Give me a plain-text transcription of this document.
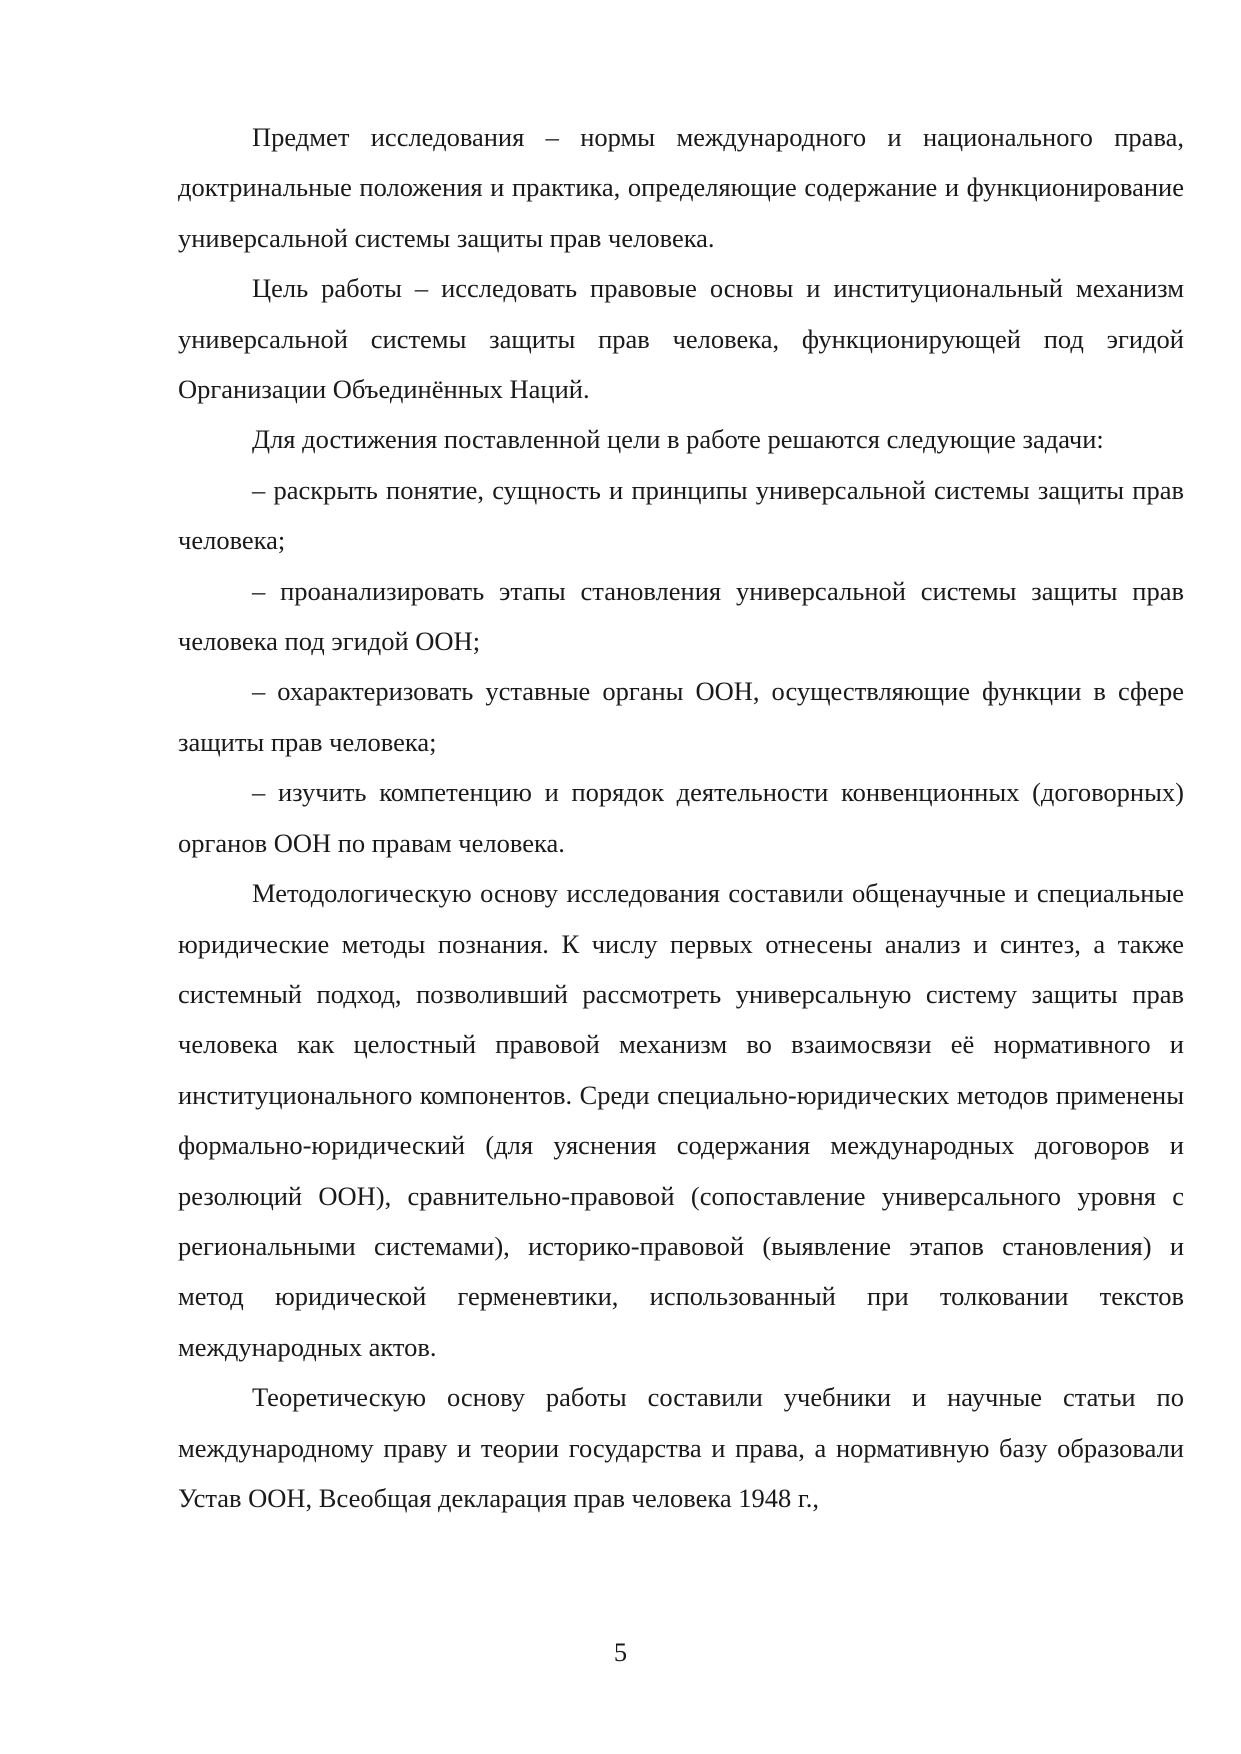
Предмет исследования – нормы международного и национального права, доктринальные положения и практика, определяющие содержание и функционирование универсальной системы защиты прав человека.

Цель работы – исследовать правовые основы и институциональный механизм универсальной системы защиты прав человека, функционирующей под эгидой Организации Объединённых Наций.

Для достижения поставленной цели в работе решаются следующие задачи:

– раскрыть понятие, сущность и принципы универсальной системы защиты прав человека;

– проанализировать этапы становления универсальной системы защиты прав человека под эгидой ООН;

– охарактеризовать уставные органы ООН, осуществляющие функции в сфере защиты прав человека;

– изучить компетенцию и порядок деятельности конвенционных (договорных) органов ООН по правам человека.

Методологическую основу исследования составили общенаучные и специальные юридические методы познания. К числу первых отнесены анализ и синтез, а также системный подход, позволивший рассмотреть универсальную систему защиты прав человека как целостный правовой механизм во взаимосвязи её нормативного и институционального компонентов. Среди специально-юридических методов применены формально-юридический (для уяснения содержания международных договоров и резолюций ООН), сравнительно-правовой (сопоставление универсального уровня с региональными системами), историко-правовой (выявление этапов становления) и метод юридической герменевтики, использованный при толковании текстов международных актов.

Теоретическую основу работы составили учебники и научные статьи по международному праву и теории государства и права, а нормативную базу образовали Устав ООН, Всеобщая декларация прав человека 1948 г.,

5
